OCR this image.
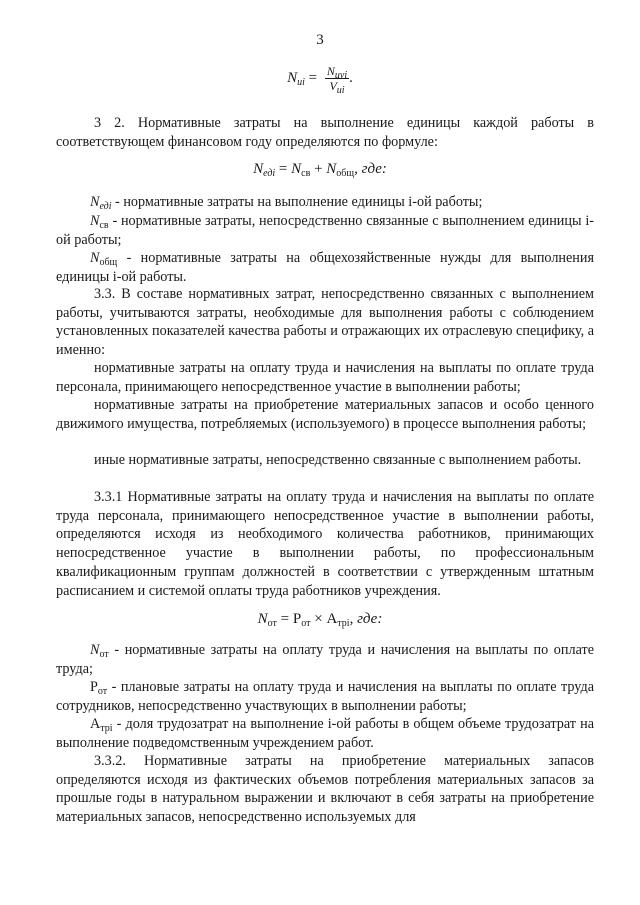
3
$N_{ui} = \frac{N_{uvi}}{V_{ui}}$ .
3 2. Нормативные затраты на выполнение единицы каждой работы в соответствующем финансовом году определяются по формуле:
$N_{едi} = N_{св} + N_{общ}$, где:
$N_{едi}$ - нормативные затраты на выполнение единицы i-ой работы;
$N_{св}$ - нормативные затраты, непосредственно связанные с выполнением единицы i-ой работы;
$N_{общ}$ - нормативные затраты на общехозяйственные нужды для выполнения единицы i-ой работы.
3.3. В составе нормативных затрат, непосредственно связанных с выполнением работы, учитываются затраты, необходимые для выполнения работы с соблюдением установленных показателей качества работы и отражающих их отраслевую специфику, а именно:
нормативные затраты на оплату труда и начисления на выплаты по оплате труда персонала, принимающего непосредственное участие в выполнении работы;
нормативные затраты на приобретение материальных запасов и особо ценного движимого имущества, потребляемых (используемого) в процессе выполнения работы;
иные нормативные затраты, непосредственно связанные с выполнением работы.
3.3.1 Нормативные затраты на оплату труда и начисления на выплаты по оплате труда персонала, принимающего непосредственное участие в выполнении работы, определяются исходя из необходимого количества работников, принимающих непосредственное участие в выполнении работы, по профессиональным квалификационным группам должностей в соответствии с утвержденным штатным расписанием и системой оплаты труда работников учреждения.
$N_{от} = Р_{от} \times А_{трi}$, где:
$N_{от}$ - нормативные затраты на оплату труда и начисления на выплаты по оплате труда;
$Р_{от}$ - плановые затраты на оплату труда и начисления на выплаты по оплате труда сотрудников, непосредственно участвующих в выполнении работы;
$А_{трi}$ - доля трудозатрат на выполнение i-ой работы в общем объеме трудозатрат на выполнение подведомственным учреждением работ.
3.3.2. Нормативные затраты на приобретение материальных запасов определяются исходя из фактических объемов потребления материальных запасов за прошлые годы в натуральном выражении и включают в себя затраты на приобретение материальных запасов, непосредственно используемых для
